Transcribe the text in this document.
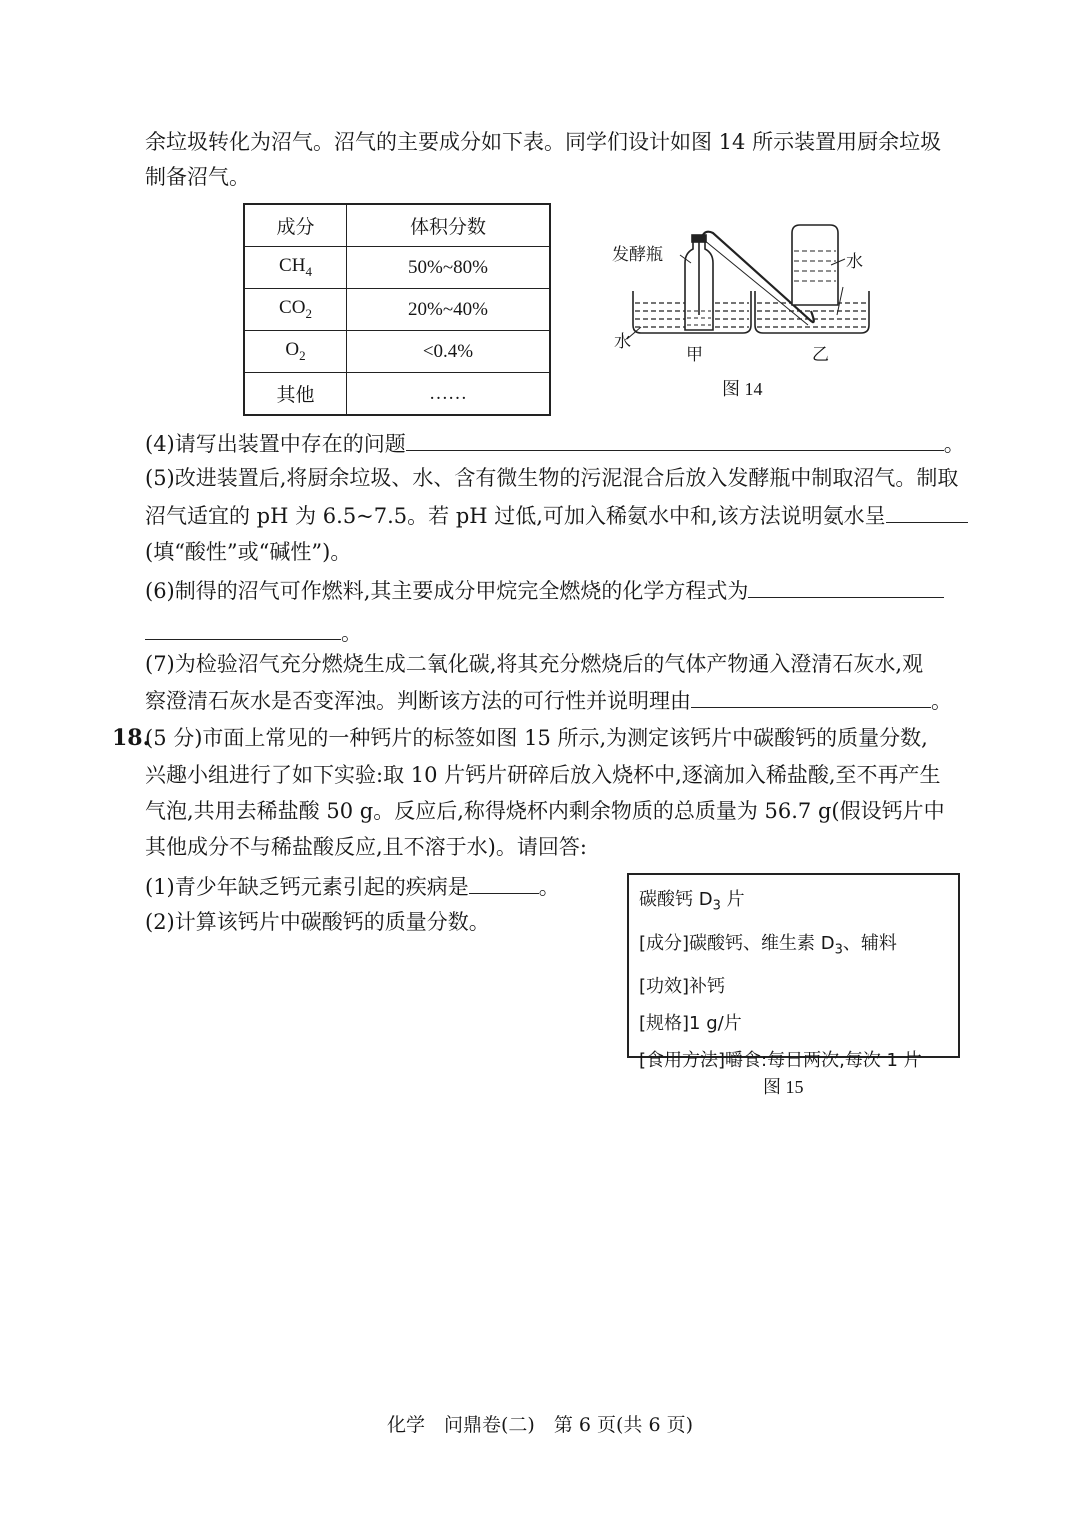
余垃圾转化为沼气。沼气的主要成分如下表。同学们设计如图 14 所示装置用厨余垃圾
制备沼气。
成分	体积分数
$CH_4$	50%~80%
$CO_2$	20%~40%
$O_2$	<0.4%
其他	……
发酵瓶	水
水
甲	乙
图 14
(4)请写出装置中存在的问题	。
(5)改进装置后,将厨余垃圾、水、含有微生物的污泥混合后放入发酵瓶中制取沼气。制取
沼气适宜的 pH 为 6.5~7.5。若 pH 过低,可加入稀氨水中和,该方法说明氨水呈
(填“酸性”或“碱性”)。
(6)制得的沼气可作燃料,其主要成分甲烷完全燃烧的化学方程式为
。
(7)为检验沼气充分燃烧生成二氧化碳,将其充分燃烧后的气体产物通入澄清石灰水,观
察澄清石灰水是否变浑浊。判断该方法的可行性并说明理由	。
18.
(5 分)市面上常见的一种钙片的标签如图 15 所示,为测定该钙片中碳酸钙的质量分数,
兴趣小组进行了如下实验:取 10 片钙片研碎后放入烧杯中,逐滴加入稀盐酸,至不再产生
气泡,共用去稀盐酸 50 g。反应后,称得烧杯内剩余物质的总质量为 56.7 g(假设钙片中
其他成分不与稀盐酸反应,且不溶于水)。请回答:
(1)青少年缺乏钙元素引起的疾病是	。
(2)计算该钙片中碳酸钙的质量分数。
碳酸钙 $D_3$ 片
[成分]碳酸钙、维生素 $D_3$、辅料
[功效]补钙
[规格]1 g/片
[食用方法]嚼食:每日两次,每次 1 片
图 15
化学　问鼎卷(二)　第 6 页(共 6 页)
